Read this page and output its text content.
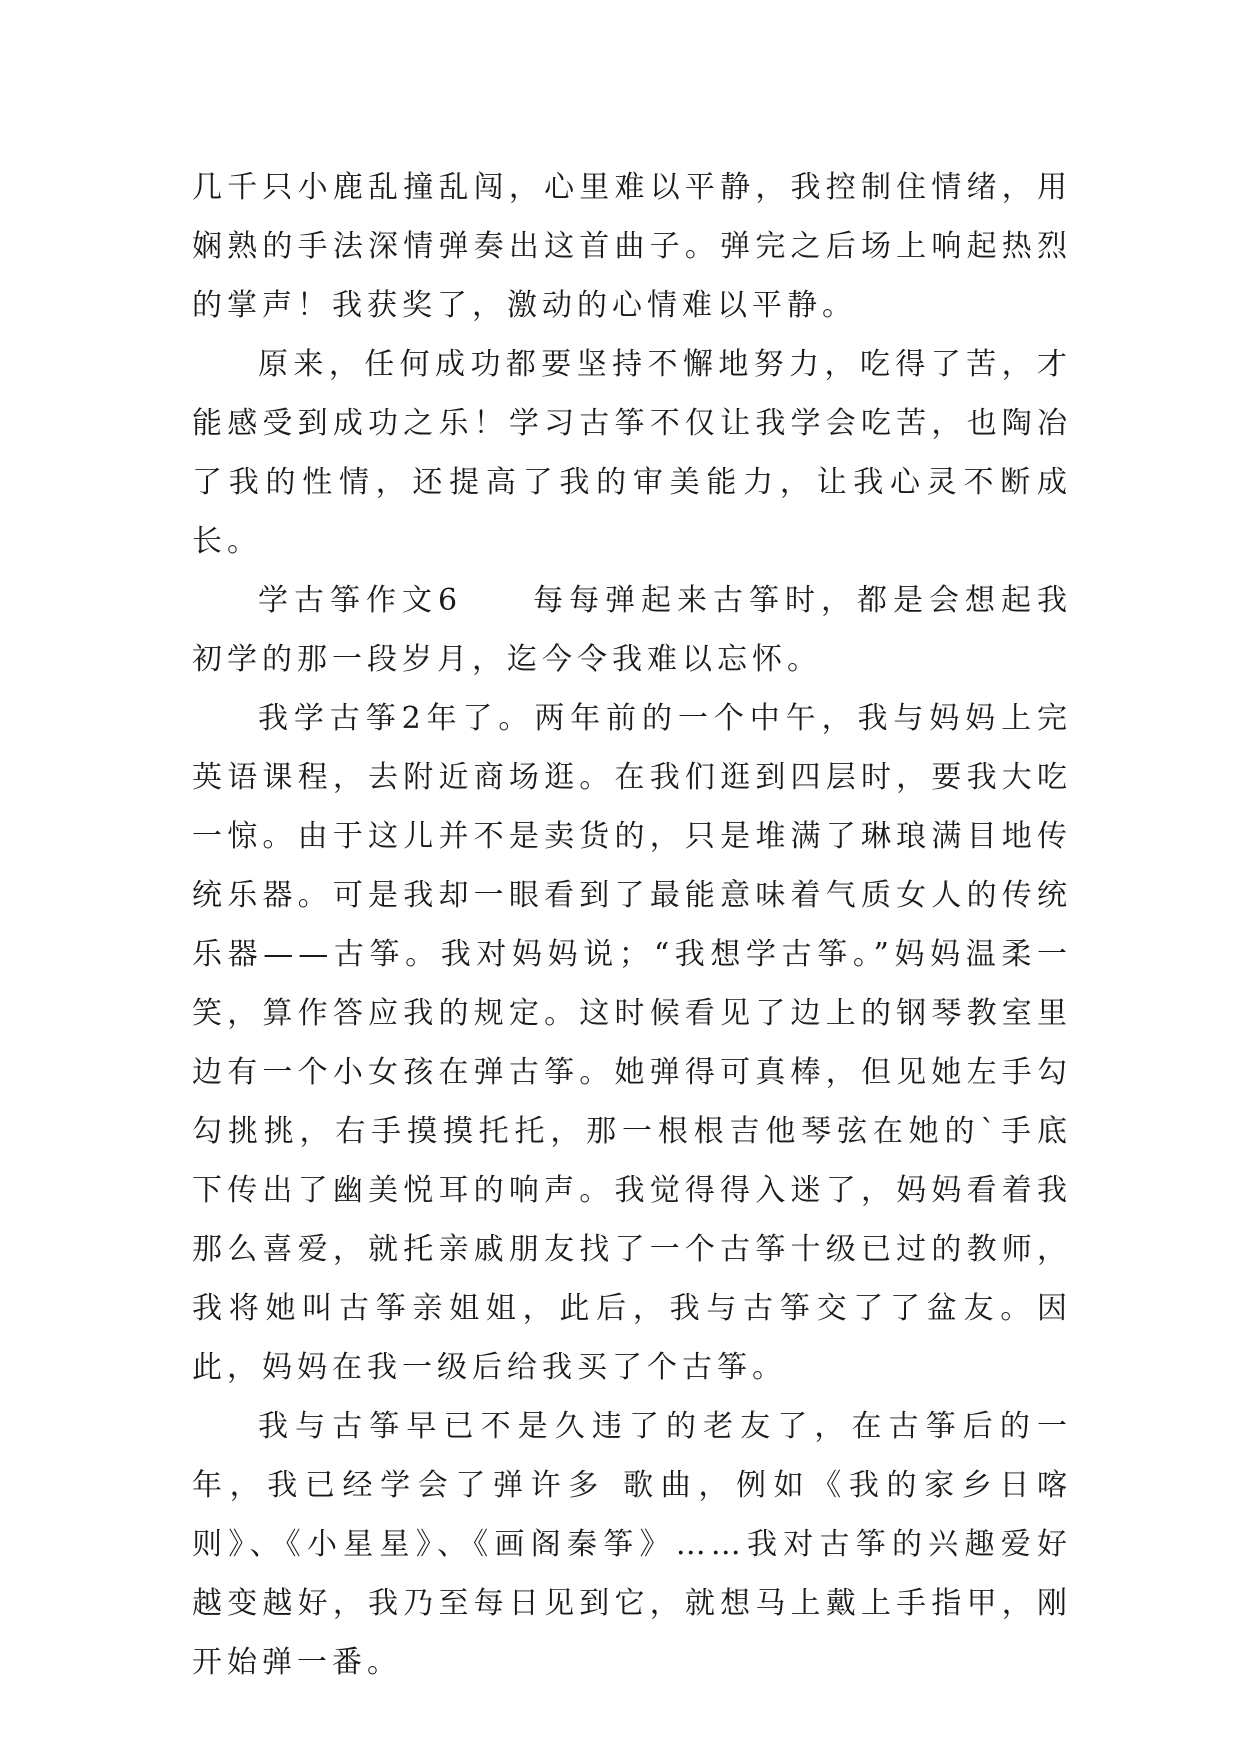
几千只小鹿乱撞乱闯，心里难以平静，我控制住情绪，用娴熟的手法深情弹奏出这首曲子。弹完之后场上响起热烈的掌声！我获奖了，激动的心情难以平静。

原来，任何成功都要坚持不懈地努力，吃得了苦，才能感受到成功之乐！学习古筝不仅让我学会吃苦，也陶冶了我的性情，还提高了我的审美能力，让我心灵不断成长。

学古筝作文6 每每弹起来古筝时，都是会想起我初学的那一段岁月，迄今令我难以忘怀。

我学古筝2年了。两年前的一个中午，我与妈妈上完英语课程，去附近商场逛。在我们逛到四层时，要我大吃一惊。由于这儿并不是卖货的，只是堆满了琳琅满目地传统乐器。可是我却一眼看到了最能意味着气质女人的传统乐器——古筝。我对妈妈说；“我想学古筝。”妈妈温柔一笑，算作答应我的规定。这时候看见了边上的钢琴教室里边有一个小女孩在弹古筝。她弹得可真棒，但见她左手勾勾挑挑，右手摸摸托托，那一根根吉他琴弦在她的`手底下传出了幽美悦耳的响声。我觉得得入迷了，妈妈看着我那么喜爱，就托亲戚朋友找了一个古筝十级已过的教师，我将她叫古筝亲姐姐，此后，我与古筝交了了盆友。因此，妈妈在我一级后给我买了个古筝。

我与古筝早已不是久违了的老友了，在古筝后的一年，我已经学会了弹许多 歌曲，例如《我的家乡日喀则》、《小星星》、《画阁秦筝》……我对古筝的兴趣爱好越变越好，我乃至每日见到它，就想马上戴上手指甲，刚开始弹一番。
